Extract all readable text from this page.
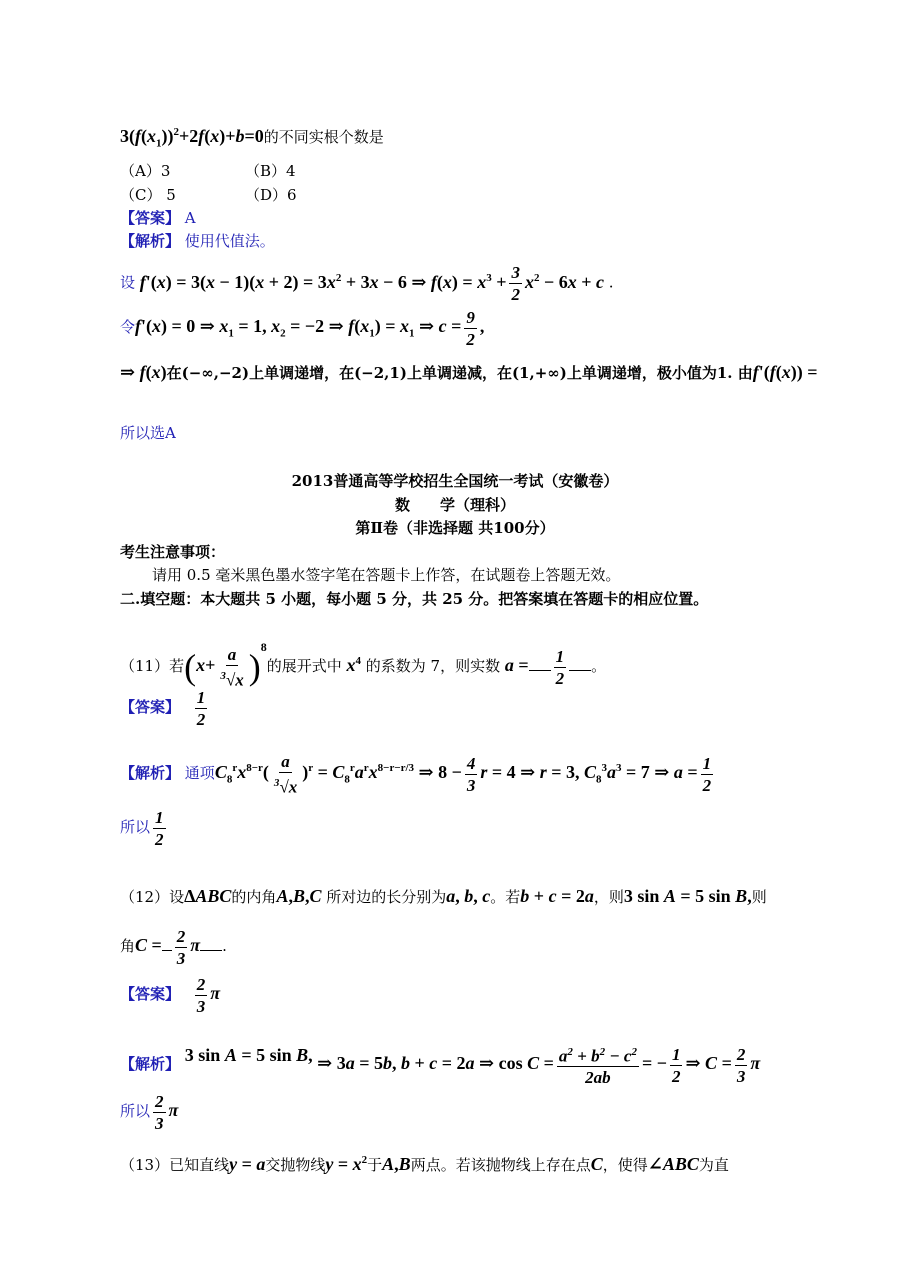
$3(f(x_1))^2+2f(x)+b=0$的不同实根个数是
（A）3	（B）4
（C） 5	（D）6
【答案】 A
【解析】 使用代值法。
设 $f'(x) = 3(x - 1)(x + 2) = 3x^2 + 3x - 6$ ⇒ $f(x) = x^3 + \frac{3}{2} x^2 - 6x + c$ .
令f'(x) = 0 ⇒ $x_1 = 1$, $x_2 = -2$ ⇒ $f(x_1) = x_1$ ⇒ $c = \frac{9}{2}$ ,
⇒ f(x)在(−∞,−2)上单调递增，在(−2,1)上单调递减，在(1,+∞)上单调递增，极小值为1. 由f'(f(x)) =
所以选A
2013普通高等学校招生全国统一考试（安徽卷）
数　　学（理科）
第Ⅱ卷（非选择题 共100分）
考生注意事项：
请用 0.5 毫米黑色墨水签字笔在答题卡上作答，在试题卷上答题无效。
二.填空题：本大题共 5 小题，每小题 5 分，共 25 分。把答案填在答题卡的相应位置。
（11）若$(x+ \frac{a}{^3√x} )^8$的展开式中 $x^4$ 的系数为 7，则实数 $a = \frac{1}{2}$ 。
【答案】 $\frac{1}{2}$
【解析】 通项$C_8^rx^{8-r}( \frac{a}{^3√x} )^r = C_8^ra^rx^{8-r-r/3}$ ⇒ $8 - \frac{4}{3}$ r = 4 ⇒ r = 3, $C_8^3a^3 = 7$ ⇒ $a = \frac{1}{2}$
所以 $\frac{1}{2}$
（12）设ΔABC的内角A,B,C 所对边的长分别为a, b, c。若b + c = 2a，则3 sin A = 5 sin B,则
角$C = \frac{2}{3}$ π .
【答案】 $\frac{2}{3}$ π
【解析】 3 sin A = 5 sin B, ⇒ 3a = 5b, b + c = 2a ⇒ $\cos C = \frac{a^2 + b^2 - c^2}{2ab}$ = − $\frac{1}{2}$ ⇒ $C = \frac{2}{3}$ π
所以 $\frac{2}{3}$ π
（13）已知直线y = a交抛物线$y = x^2$于A,B两点。若该抛物线上存在点C，使得∠ABC为直
